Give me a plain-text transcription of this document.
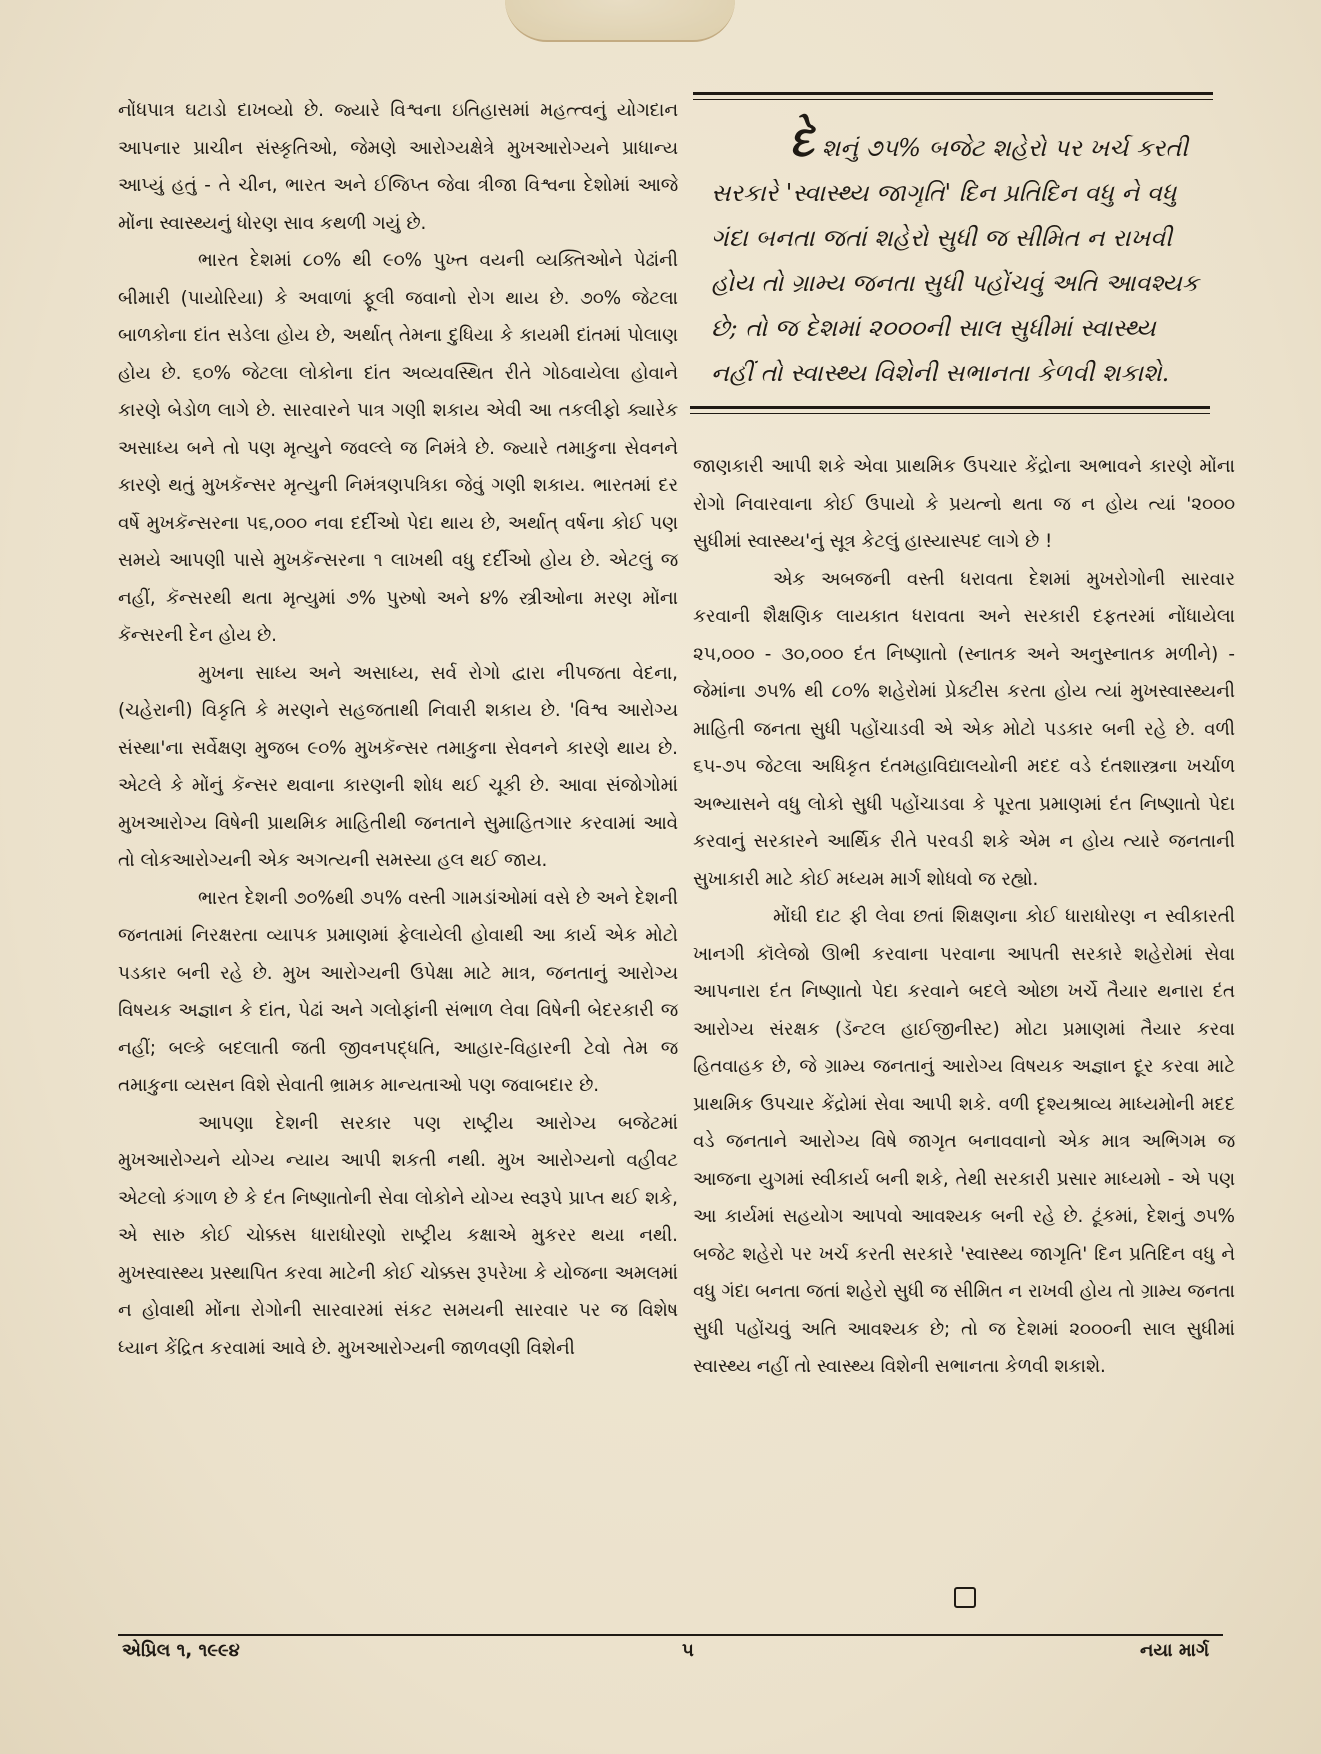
નોંધપાત્ર ઘટાડો દાખવ્યો છે. જ્યારે વિશ્વના ઇતિહાસમાં મહત્ત્વનું યોગદાન આપનાર પ્રાચીન સંસ્કૃતિઓ, જેમણે આરોગ્યક્ષેત્રે મુખઆરોગ્યને પ્રાધાન્ય આપ્યું હતું - તે ચીન, ભારત અને ઈજિપ્ત જેવા ત્રીજા વિશ્વના દેશોમાં આજે મોંના સ્વાસ્થ્યનું ધોરણ સાવ કથળી ગયું છે.

ભારત દેશમાં ૮૦% થી ૯૦% પુખ્ત વયની વ્યક્તિઓને પેઢાંની બીમારી (પાયોરિયા) કે અવાળાં ફૂલી જવાનો રોગ થાય છે. ૭૦% જેટલા બાળકોના દાંત સડેલા હોય છે, અર્થાત્ તેમના દુધિયા કે કાયમી દાંતમાં પોલાણ હોય છે. ૬૦% જેટલા લોકોના દાંત અવ્યવસ્થિત રીતે ગોઠવાયેલા હોવાને કારણે બેડોળ લાગે છે. સારવારને પાત્ર ગણી શકાય એવી આ તકલીફો ક્યારેક અસાધ્ય બને તો પણ મૃત્યુને જવલ્લે જ નિમંત્રે છે. જ્યારે તમાકુના સેવનને કારણે થતું મુખકૅન્સર મૃત્યુની નિમંત્રણપત્રિકા જેવું ગણી શકાય. ભારતમાં દર વર્ષે મુખકૅન્સરના ૫૬,૦૦૦ નવા દર્દીઓ પેદા થાય છે, અર્થાત્ વર્ષના કોઈ પણ સમયે આપણી પાસે મુખકૅન્સરના ૧ લાખથી વધુ દર્દીઓ હોય છે. એટલું જ નહીં, કૅન્સરથી થતા મૃત્યુમાં ૭% પુરુષો અને ૪% સ્ત્રીઓના મરણ મોંના કૅન્સરની દેન હોય છે.

મુખના સાધ્ય અને અસાધ્ય, સર્વ રોગો દ્વારા નીપજતા વેદના, (ચહેરાની) વિકૃતિ કે મરણને સહજતાથી નિવારી શકાય છે. 'વિશ્વ આરોગ્ય સંસ્થા'ના સર્વેક્ષણ મુજબ ૯૦% મુખકૅન્સર તમાકુના સેવનને કારણે થાય છે. એટલે કે મોંનું કૅન્સર થવાના કારણની શોધ થઈ ચૂકી છે. આવા સંજોગોમાં મુખઆરોગ્ય વિષેની પ્રાથમિક માહિતીથી જનતાને સુમાહિતગાર કરવામાં આવે તો લોકઆરોગ્યની એક અગત્યની સમસ્યા હલ થઈ જાય.

ભારત દેશની ૭૦%થી ૭૫% વસ્તી ગામડાંઓમાં વસે છે અને દેશની જનતામાં નિરક્ષરતા વ્યાપક પ્રમાણમાં ફેલાયેલી હોવાથી આ કાર્ય એક મોટો પડકાર બની રહે છે. મુખ આરોગ્યની ઉપેક્ષા માટે માત્ર, જનતાનું આરોગ્ય વિષયક અજ્ઞાન કે દાંત, પેઢાં અને ગલોફાંની સંભાળ લેવા વિષેની બેદરકારી જ નહીં; બલ્કે બદલાતી જતી જીવનપદ્ધતિ, આહાર-વિહારની ટેવો તેમ જ તમાકુના વ્યસન વિશે સેવાતી ભ્રામક માન્યતાઓ પણ જવાબદાર છે.

આપણા દેશની સરકાર પણ રાષ્ટ્રીય આરોગ્ય બજેટમાં મુખઆરોગ્યને યોગ્ય ન્યાય આપી શકતી નથી. મુખ આરોગ્યનો વહીવટ એટલો કંગાળ છે કે દંત નિષ્ણાતોની સેવા લોકોને યોગ્ય સ્વરૂપે પ્રાપ્ત થઈ શકે, એ સારુ કોઈ ચોક્કસ ધારાધોરણો રાષ્ટ્રીય કક્ષાએ મુકરર થયા નથી. મુખસ્વાસ્થ્ય પ્રસ્થાપિત કરવા માટેની કોઈ ચોક્કસ રૂપરેખા કે યોજના અમલમાં ન હોવાથી મોંના રોગોની સારવારમાં સંકટ સમયની સારવાર પર જ વિશેષ ધ્યાન કેંદ્રિત કરવામાં આવે છે. મુખઆરોગ્યની જાળવણી વિશેની

દેશનું ૭૫% બજેટ શહેરો પર ખર્ચ કરતી સરકારે 'સ્વાસ્થ્ય જાગૃતિ' દિન પ્રતિદિન વધુ ને વધુ ગંદા બનતા જતાં શહેરો સુધી જ સીમિત ન રાખવી હોય તો ગ્રામ્ય જનતા સુધી પહોંચવું અતિ આવશ્યક છે; તો જ દેશમાં ૨૦૦૦ની સાલ સુધીમાં સ્વાસ્થ્ય નહીં તો સ્વાસ્થ્ય વિશેની સભાનતા કેળવી શકાશે.

જાણકારી આપી શકે એવા પ્રાથમિક ઉપચાર કેંદ્રોના અભાવને કારણે મોંના રોગો નિવારવાના કોઈ ઉપાયો કે પ્રયત્નો થતા જ ન હોય ત્યાં '૨૦૦૦ સુધીમાં સ્વાસ્થ્ય'નું સૂત્ર કેટલું હાસ્યાસ્પદ લાગે છે !

એક અબજની વસ્તી ધરાવતા દેશમાં મુખરોગોની સારવાર કરવાની શૈક્ષણિક લાયકાત ધરાવતા અને સરકારી દફતરમાં નોંધાયેલા ૨૫,૦૦૦ - ૩૦,૦૦૦ દંત નિષ્ણાતો (સ્નાતક અને અનુસ્નાતક મળીને) - જેમાંના ૭૫% થી ૮૦% શહેરોમાં પ્રેક્ટીસ કરતા હોય ત્યાં મુખસ્વાસ્થ્યની માહિતી જનતા સુધી પહોંચાડવી એ એક મોટો પડકાર બની રહે છે. વળી ૬૫-૭૫ જેટલા અધિકૃત દંતમહાવિદ્યાલયોની મદદ વડે દંતશાસ્ત્રના ખર્ચાળ અભ્યાસને વધુ લોકો સુધી પહોંચાડવા કે પૂરતા પ્રમાણમાં દંત નિષ્ણાતો પેદા કરવાનું સરકારને આર્થિક રીતે પરવડી શકે એમ ન હોય ત્યારે જનતાની સુખાકારી માટે કોઈ મધ્યમ માર્ગ શોધવો જ રહ્યો.

મોંઘી દાટ ફી લેવા છતાં શિક્ષણના કોઈ ધારાધોરણ ન સ્વીકારતી ખાનગી કૉલેજો ઊભી કરવાના પરવાના આપતી સરકારે શહેરોમાં સેવા આપનારા દંત નિષ્ણાતો પેદા કરવાને બદલે ઓછા ખર્ચે તૈયાર થનારા દંત આરોગ્ય સંરક્ષક (ડૅન્ટલ હાઈજીનીસ્ટ) મોટા પ્રમાણમાં તૈયાર કરવા હિતવાહક છે, જે ગ્રામ્ય જનતાનું આરોગ્ય વિષયક અજ્ઞાન દૂર કરવા માટે પ્રાથમિક ઉપચાર કેંદ્રોમાં સેવા આપી શકે. વળી દૃશ્યશ્રાવ્ય માધ્યમોની મદદ વડે જનતાને આરોગ્ય વિષે જાગૃત બનાવવાનો એક માત્ર અભિગમ જ આજના યુગમાં સ્વીકાર્ય બની શકે, તેથી સરકારી પ્રસાર માધ્યમો - એ પણ આ કાર્યમાં સહયોગ આપવો આવશ્યક બની રહે છે. ટૂંકમાં, દેશનું ૭૫% બજેટ શહેરો પર ખર્ચ કરતી સરકારે 'સ્વાસ્થ્ય જાગૃતિ' દિન પ્રતિદિન વધુ ને વધુ ગંદા બનતા જતાં શહેરો સુધી જ સીમિત ન રાખવી હોય તો ગ્રામ્ય જનતા સુધી પહોંચવું અતિ આવશ્યક છે; તો જ દેશમાં ૨૦૦૦ની સાલ સુધીમાં સ્વાસ્થ્ય નહીં તો સ્વાસ્થ્ય વિશેની સભાનતા કેળવી શકાશે.

એપ્રિલ ૧, ૧૯૯૪	૫	નયા માર્ગ
